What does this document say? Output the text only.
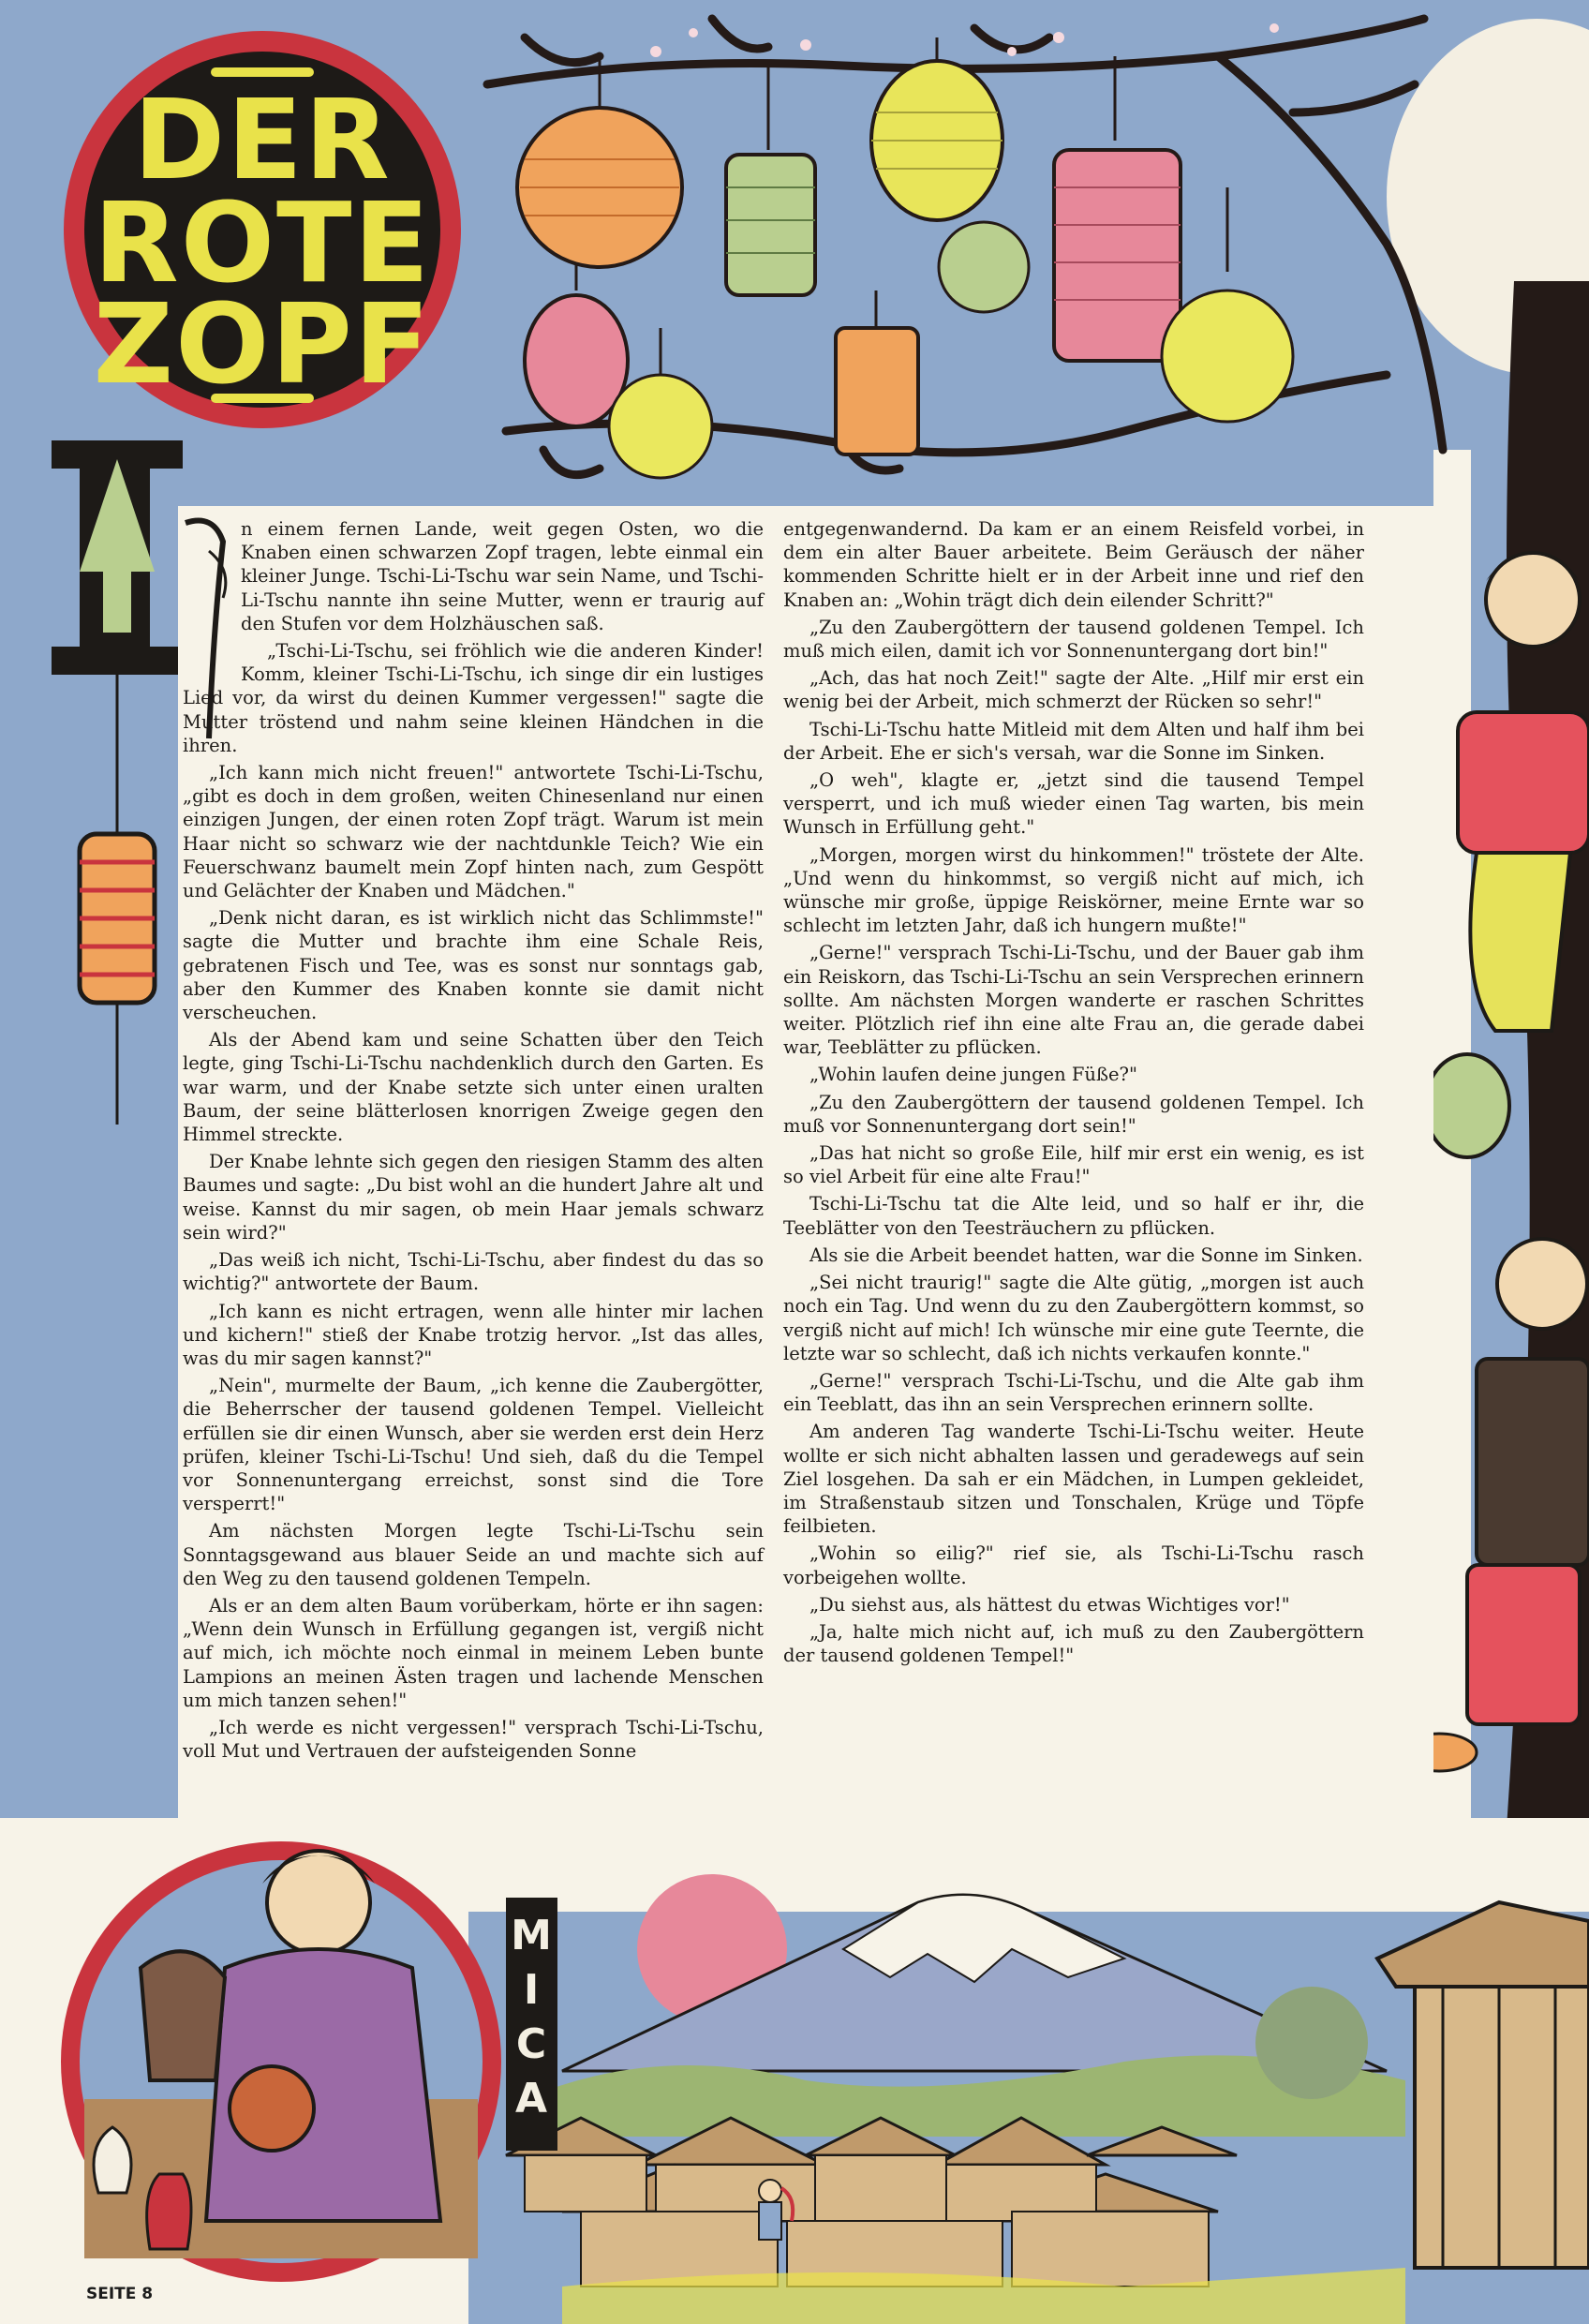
DER
ROTE
ZOPF

n einem fernen Lande, weit gegen Osten, wo die Knaben einen schwarzen Zopf tragen, lebte einmal ein kleiner Junge. Tschi-Li-Tschu war sein Name, und Tschi-Li-Tschu nannte ihn seine Mutter, wenn er traurig auf den Stufen vor dem Holzhäuschen saß.

„Tschi-Li-Tschu, sei fröhlich wie die anderen Kinder! Komm, kleiner Tschi-Li-Tschu, ich singe dir ein lustiges Lied vor, da wirst du deinen Kummer vergessen!" sagte die Mutter tröstend und nahm seine kleinen Händchen in die ihren.

„Ich kann mich nicht freuen!" antwortete Tschi-Li-Tschu, „gibt es doch in dem großen, weiten Chinesenland nur einen einzigen Jungen, der einen roten Zopf trägt. Warum ist mein Haar nicht so schwarz wie der nachtdunkle Teich? Wie ein Feuerschwanz baumelt mein Zopf hinten nach, zum Gespött und Gelächter der Knaben und Mädchen."

„Denk nicht daran, es ist wirklich nicht das Schlimmste!" sagte die Mutter und brachte ihm eine Schale Reis, gebratenen Fisch und Tee, was es sonst nur sonntags gab, aber den Kummer des Knaben konnte sie damit nicht verscheuchen.

Als der Abend kam und seine Schatten über den Teich legte, ging Tschi-Li-Tschu nachdenklich durch den Garten. Es war warm, und der Knabe setzte sich unter einen uralten Baum, der seine blätterlosen knorrigen Zweige gegen den Himmel streckte.

Der Knabe lehnte sich gegen den riesigen Stamm des alten Baumes und sagte: „Du bist wohl an die hundert Jahre alt und weise. Kannst du mir sagen, ob mein Haar jemals schwarz sein wird?"

„Das weiß ich nicht, Tschi-Li-Tschu, aber findest du das so wichtig?" antwortete der Baum.

„Ich kann es nicht ertragen, wenn alle hinter mir lachen und kichern!" stieß der Knabe trotzig hervor. „Ist das alles, was du mir sagen kannst?"

„Nein", murmelte der Baum, „ich kenne die Zaubergötter, die Beherrscher der tausend goldenen Tempel. Vielleicht erfüllen sie dir einen Wunsch, aber sie werden erst dein Herz prüfen, kleiner Tschi-Li-Tschu! Und sieh, daß du die Tempel vor Sonnenuntergang erreichst, sonst sind die Tore versperrt!"

Am nächsten Morgen legte Tschi-Li-Tschu sein Sonntagsgewand aus blauer Seide an und machte sich auf den Weg zu den tausend goldenen Tempeln.

Als er an dem alten Baum vorüberkam, hörte er ihn sagen: „Wenn dein Wunsch in Erfüllung gegangen ist, vergiß nicht auf mich, ich möchte noch einmal in meinem Leben bunte Lampions an meinen Ästen tragen und lachende Menschen um mich tanzen sehen!"

„Ich werde es nicht vergessen!" versprach Tschi-Li-Tschu, voll Mut und Vertrauen der aufsteigenden Sonne

entgegenwandernd. Da kam er an einem Reisfeld vorbei, in dem ein alter Bauer arbeitete. Beim Geräusch der näher kommenden Schritte hielt er in der Arbeit inne und rief den Knaben an: „Wohin trägt dich dein eilender Schritt?"

„Zu den Zaubergöttern der tausend goldenen Tempel. Ich muß mich eilen, damit ich vor Sonnenuntergang dort bin!"

„Ach, das hat noch Zeit!" sagte der Alte. „Hilf mir erst ein wenig bei der Arbeit, mich schmerzt der Rücken so sehr!"

Tschi-Li-Tschu hatte Mitleid mit dem Alten und half ihm bei der Arbeit. Ehe er sich's versah, war die Sonne im Sinken.

„O weh", klagte er, „jetzt sind die tausend Tempel versperrt, und ich muß wieder einen Tag warten, bis mein Wunsch in Erfüllung geht."

„Morgen, morgen wirst du hinkommen!" tröstete der Alte. „Und wenn du hinkommst, so vergiß nicht auf mich, ich wünsche mir große, üppige Reiskörner, meine Ernte war so schlecht im letzten Jahr, daß ich hungern mußte!"

„Gerne!" versprach Tschi-Li-Tschu, und der Bauer gab ihm ein Reiskorn, das Tschi-Li-Tschu an sein Versprechen erinnern sollte. Am nächsten Morgen wanderte er raschen Schrittes weiter. Plötzlich rief ihn eine alte Frau an, die gerade dabei war, Teeblätter zu pflücken.

„Wohin laufen deine jungen Füße?"

„Zu den Zaubergöttern der tausend goldenen Tempel. Ich muß vor Sonnenuntergang dort sein!"

„Das hat nicht so große Eile, hilf mir erst ein wenig, es ist so viel Arbeit für eine alte Frau!"

Tschi-Li-Tschu tat die Alte leid, und so half er ihr, die Teeblätter von den Teesträuchern zu pflücken.

Als sie die Arbeit beendet hatten, war die Sonne im Sinken.

„Sei nicht traurig!" sagte die Alte gütig, „morgen ist auch noch ein Tag. Und wenn du zu den Zaubergöttern kommst, so vergiß nicht auf mich! Ich wünsche mir eine gute Teernte, die letzte war so schlecht, daß ich nichts verkaufen konnte."

„Gerne!" versprach Tschi-Li-Tschu, und die Alte gab ihm ein Teeblatt, das ihn an sein Versprechen erinnern sollte.

Am anderen Tag wanderte Tschi-Li-Tschu weiter. Heute wollte er sich nicht abhalten lassen und geradewegs auf sein Ziel losgehen. Da sah er ein Mädchen, in Lumpen gekleidet, im Straßenstaub sitzen und Tonschalen, Krüge und Töpfe feilbieten.

„Wohin so eilig?" rief sie, als Tschi-Li-Tschu rasch vorbeigehen wollte.

„Du siehst aus, als hättest du etwas Wichtiges vor!"

„Ja, halte mich nicht auf, ich muß zu den Zaubergöttern der tausend goldenen Tempel!"

M I C A
SEITE 8
